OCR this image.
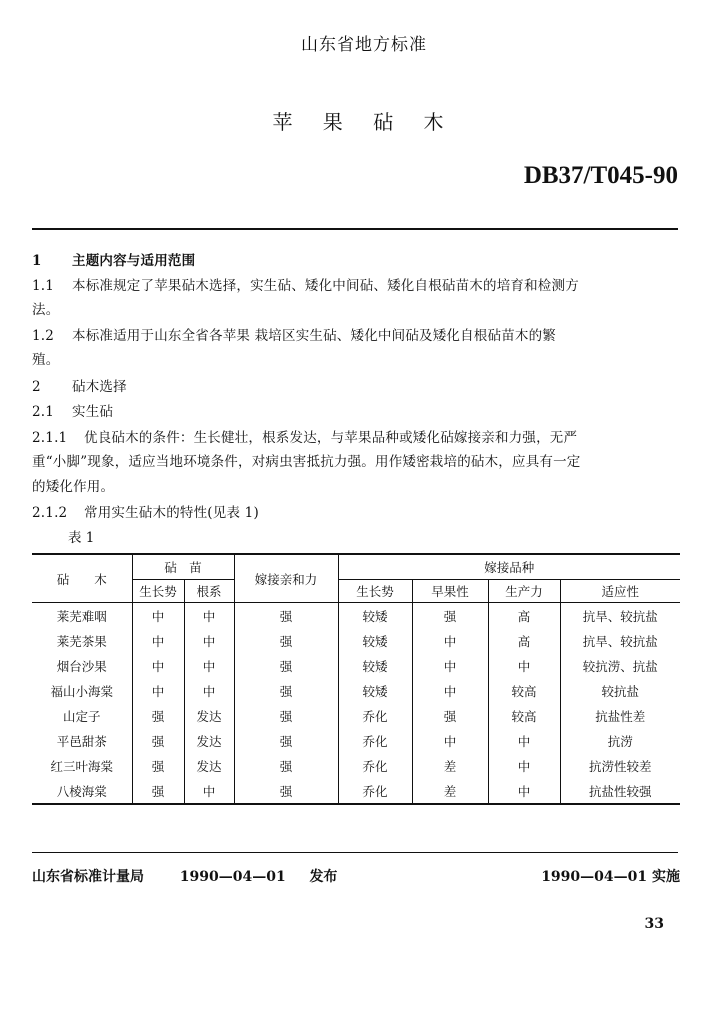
山东省地方标准
苹 果 砧 木
DB37/T045-90
1 主题内容与适用范围
1.1 本标准规定了苹果砧木选择，实生砧、矮化中间砧、矮化自根砧苗木的培育和检测方
法。
1.2 本标准适用于山东全省各苹果 栽培区实生砧、矮化中间砧及矮化自根砧苗木的繁
殖。
2 砧木选择
2.1 实生砧
2.1.1 优良砧木的条件：生长健壮，根系发达，与苹果品种或矮化砧嫁接亲和力强，无严
重“小脚”现象，适应当地环境条件，对病虫害抵抗力强。用作矮密栽培的砧木，应具有一定
的矮化作用。
2.1.2 常用实生砧木的特性(见表 1)
表 1
砧　　木	砧　苗		嫁接亲和力	嫁接品种			
	生长势	根系		生长势	早果性	生产力	适应性
莱芜难咽	中	中	强	较矮	强	高	抗旱、较抗盐
莱芜茶果	中	中	强	较矮	中	高	抗旱、较抗盐
烟台沙果	中	中	强	较矮	中	中	较抗涝、抗盐
福山小海棠	中	中	强	较矮	中	较高	较抗盐
山定子	强	发达	强	乔化	强	较高	抗盐性差
平邑甜茶	强	发达	强	乔化	中	中	抗涝
红三叶海棠	强	发达	强	乔化	差	中	抗涝性较差
八棱海棠	强	中	强	乔化	差	中	抗盐性较强
山东省标准计量局	1990—04—01 发布	1990—04—01 实施
33
